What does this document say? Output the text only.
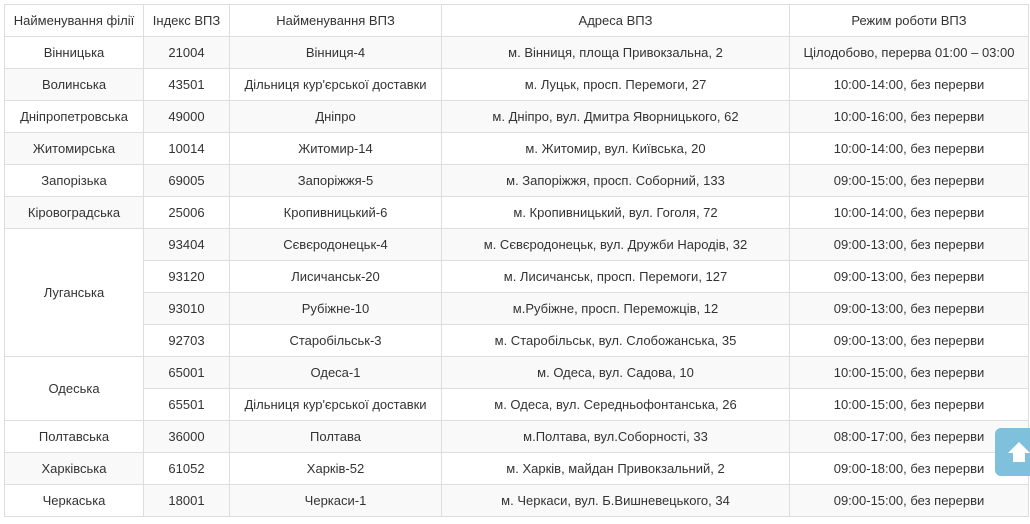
Найменування філії	Індекс ВПЗ	Найменування ВПЗ	Адреса ВПЗ	Режим роботи ВПЗ
Вінницька	21004	Вінниця-4	м. Вінниця, площа Привокзальна, 2	Цілодобово, перерва 01:00 – 03:00
Волинська	43501	Дільниця кур'єрської доставки	м. Луцьк, просп. Перемоги, 27	10:00-14:00, без перерви
Дніпропетровська	49000	Дніпро	м. Дніпро, вул. Дмитра Яворницького, 62	10:00-16:00, без перерви
Житомирська	10014	Житомир-14	м. Житомир, вул. Київська, 20	10:00-14:00, без перерви
Запорізька	69005	Запоріжжя-5	м. Запоріжжя, просп. Соборний, 133	09:00-15:00, без перерви
Кіровоградська	25006	Кропивницький-6	м. Кропивницький, вул. Гоголя, 72	10:00-14:00, без перерви
Луганська	93404	Сєвєродонецьк-4	м. Сєвєродонецьк, вул. Дружби Народів, 32	09:00-13:00, без перерви
	93120	Лисичанськ-20	м. Лисичанськ, просп. Перемоги, 127	09:00-13:00, без перерви
	93010	Рубіжне-10	м.Рубіжне, просп. Переможців, 12	09:00-13:00, без перерви
	92703	Старобільськ-3	м. Старобільськ, вул. Слобожанська, 35	09:00-13:00, без перерви
Одеська	65001	Одеса-1	м. Одеса, вул. Садова, 10	10:00-15:00, без перерви
	65501	Дільниця кур'єрської доставки	м. Одеса, вул. Середньофонтанська, 26	10:00-15:00, без перерви
Полтавська	36000	Полтава	м.Полтава, вул.Соборності, 33	08:00-17:00, без перерви
Харківська	61052	Харків-52	м. Харків, майдан Привокзальний, 2	09:00-18:00, без перерви
Черкаська	18001	Черкаси-1	м. Черкаси, вул. Б.Вишневецького, 34	09:00-15:00, без перерви
